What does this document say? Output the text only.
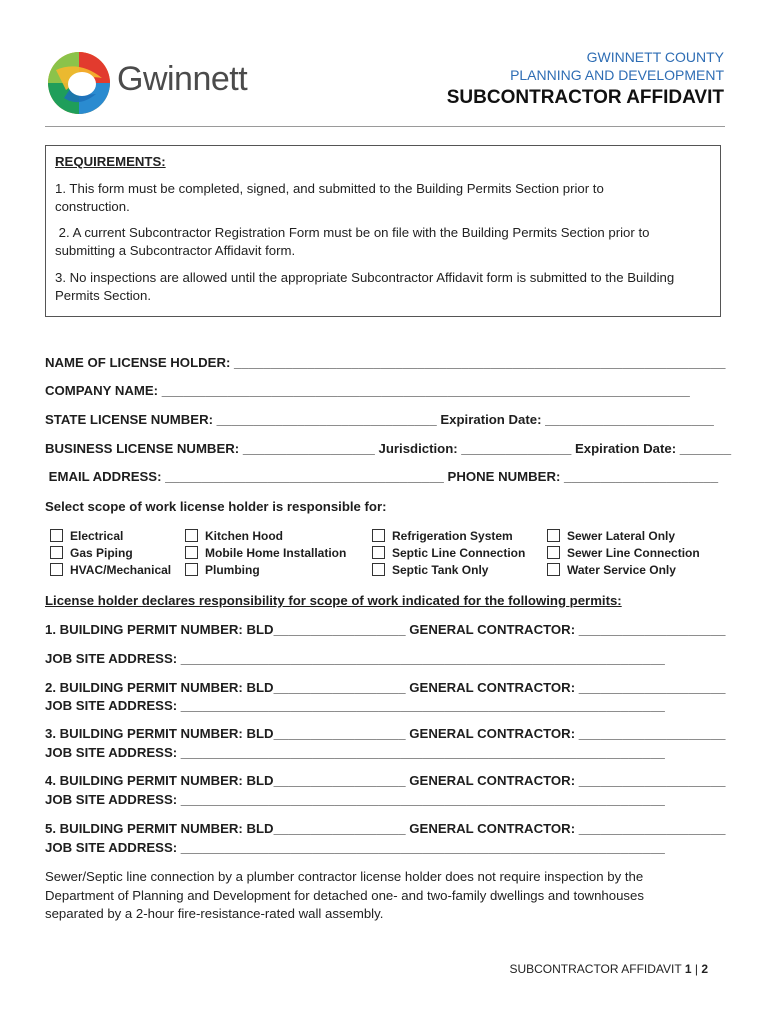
Gwinnett
GWINNETT COUNTY
PLANNING AND DEVELOPMENT
SUBCONTRACTOR AFFIDAVIT
REQUIREMENTS:
1. This form must be completed, signed, and submitted to the Building Permits Section prior to construction.
2. A current Subcontractor Registration Form must be on file with the Building Permits Section prior to submitting a Subcontractor Affidavit form.
3. No inspections are allowed until the appropriate Subcontractor Affidavit form is submitted to the Building Permits Section.
NAME OF LICENSE HOLDER: ___________________________________________________________________
COMPANY NAME: ________________________________________________________________________
STATE LICENSE NUMBER: ______________________________ Expiration Date: _______________________
BUSINESS LICENSE NUMBER: __________________ Jurisdiction: _______________ Expiration Date: _______
EMAIL ADDRESS: ______________________________________ PHONE NUMBER: _____________________
Select scope of work license holder is responsible for:
Electrical
Gas Piping
HVAC/Mechanical
Kitchen Hood
Mobile Home Installation
Plumbing
Refrigeration System
Septic Line Connection
Septic Tank Only
Sewer Lateral Only
Sewer Line Connection
Water Service Only
License holder declares responsibility for scope of work indicated for the following permits:
1. BUILDING PERMIT NUMBER: BLD__________________ GENERAL CONTRACTOR: ____________________
JOB SITE ADDRESS: __________________________________________________________________
2. BUILDING PERMIT NUMBER: BLD__________________ GENERAL CONTRACTOR: ____________________
JOB SITE ADDRESS: __________________________________________________________________
3. BUILDING PERMIT NUMBER: BLD__________________ GENERAL CONTRACTOR: ____________________
JOB SITE ADDRESS: __________________________________________________________________
4. BUILDING PERMIT NUMBER: BLD__________________ GENERAL CONTRACTOR: ____________________
JOB SITE ADDRESS: __________________________________________________________________
5. BUILDING PERMIT NUMBER: BLD__________________ GENERAL CONTRACTOR: ____________________
JOB SITE ADDRESS: __________________________________________________________________
Sewer/Septic line connection by a plumber contractor license holder does not require inspection by the Department of Planning and Development for detached one- and two-family dwellings and townhouses separated by a 2-hour fire-resistance-rated wall assembly.
SUBCONTRACTOR AFFIDAVIT 1 | 2
